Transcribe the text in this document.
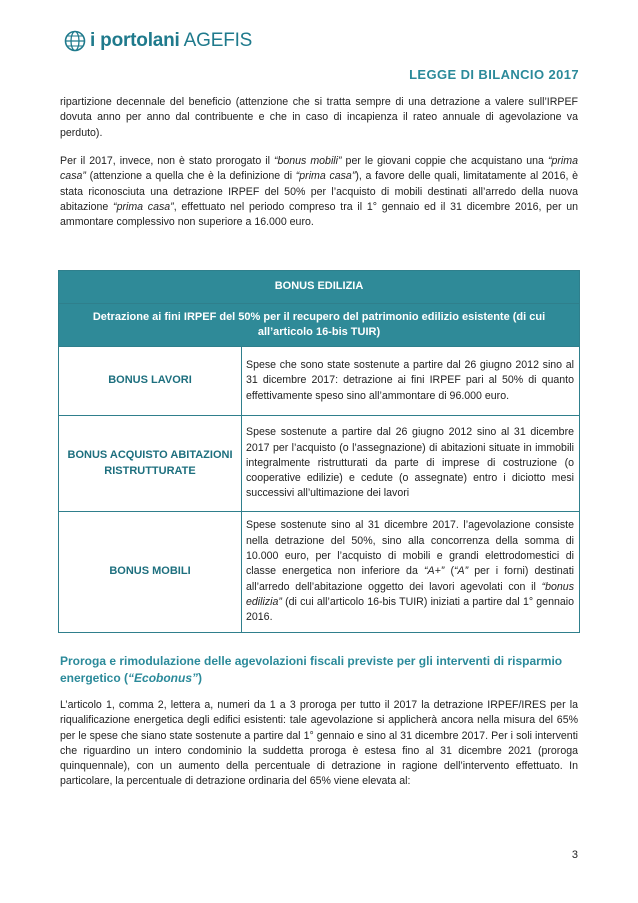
i portolani AGEFIS
LEGGE DI BILANCIO 2017
ripartizione decennale del beneficio (attenzione che si tratta sempre di una detrazione a valere sull’IRPEF dovuta anno per anno dal contribuente e che in caso di incapienza il rateo annuale di agevolazione va perduto).
Per il 2017, invece, non è stato prorogato il “bonus mobili” per le giovani coppie che acquistano una “prima casa” (attenzione a quella che è la definizione di “prima casa”), a favore delle quali, limitatamente al 2016, è stata riconosciuta una detrazione IRPEF del 50% per l’acquisto di mobili destinati all’arredo della nuova abitazione “prima casa”, effettuato nel periodo compreso tra il 1° gennaio ed il 31 dicembre 2016, per un ammontare complessivo non superiore a 16.000 euro.
BONUS EDILIZIA	
Detrazione ai fini IRPEF del 50% per il recupero del patrimonio edilizio esistente (di cui all’articolo 16-bis TUIR)	
BONUS LAVORI	Spese che sono state sostenute a partire dal 26 giugno 2012 sino al 31 dicembre 2017: detrazione ai fini IRPEF pari al 50% di quanto effettivamente speso sino all’ammontare di 96.000 euro.
BONUS ACQUISTO ABITAZIONI RISTRUTTURATE	Spese sostenute a partire dal 26 giugno 2012 sino al 31 dicembre 2017 per l’acquisto (o l’assegnazione) di abitazioni situate in immobili integralmente ristrutturati da parte di imprese di costruzione (o cooperative edilizie) e cedute (o assegnate) entro i diciotto mesi successivi all’ultimazione dei lavori
BONUS MOBILI	Spese sostenute sino al 31 dicembre 2017. l’agevolazione consiste nella detrazione del 50%, sino alla concorrenza della somma di 10.000 euro, per l’acquisto di mobili e grandi elettrodomestici di classe energetica non inferiore da “A+” (“A” per i forni) destinati all’arredo dell’abitazione oggetto dei lavori agevolati con il “bonus edilizia” (di cui all’articolo 16-bis TUIR) iniziati a partire dal 1° gennaio 2016.
Proroga e rimodulazione delle agevolazioni fiscali previste per gli interventi di risparmio energetico (“Ecobonus”)
L’articolo 1, comma 2, lettera a, numeri da 1 a 3 proroga per tutto il 2017 la detrazione IRPEF/IRES per la riqualificazione energetica degli edifici esistenti: tale agevolazione si applicherà ancora nella misura del 65% per le spese che siano state sostenute a partire dal 1° gennaio e sino al 31 dicembre 2017. Per i soli interventi che riguardino un intero condominio la suddetta proroga è estesa fino al 31 dicembre 2021 (proroga quinquennale), con un aumento della percentuale di detrazione in ragione dell’intervento effettuato. In particolare, la percentuale di detrazione ordinaria del 65% viene elevata al:
3
